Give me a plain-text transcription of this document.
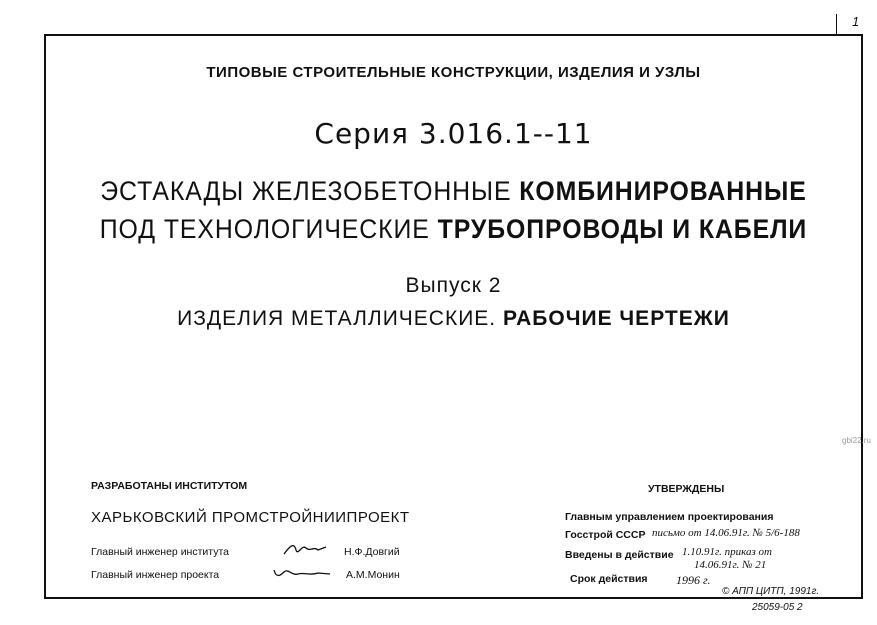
1
ТИПОВЫЕ СТРОИТЕЛЬНЫЕ КОНСТРУКЦИИ, ИЗДЕЛИЯ И УЗЛЫ
Серия 3.016.1--11
ЭСТАКАДЫ ЖЕЛЕЗОБЕТОННЫЕ КОМБИНИРОВАННЫЕ
ПОД ТЕХНОЛОГИЧЕСКИЕ ТРУБОПРОВОДЫ И КАБЕЛИ
Выпуск 2
ИЗДЕЛИЯ МЕТАЛЛИЧЕСКИЕ. РАБОЧИЕ ЧЕРТЕЖИ
РАЗРАБОТАНЫ ИНСТИТУТОМ
ХАРЬКОВСКИЙ ПРОМСТРОЙНИИПРОЕКТ
Главный инженер института	Н.Ф.Довгий
Главный инженер проекта	А.М.Монин
УТВЕРЖДЕНЫ
Главным управлением проектирования
Госстрой СССР письмо от 14.06.91г. № 5/6-188
Введены в действие 1.10.91г. приказ от
14.06.91г. № 21
Срок действия 1996 г.
© АПП ЦИТП, 1991г.
25059-05 2
gbi22.ru
